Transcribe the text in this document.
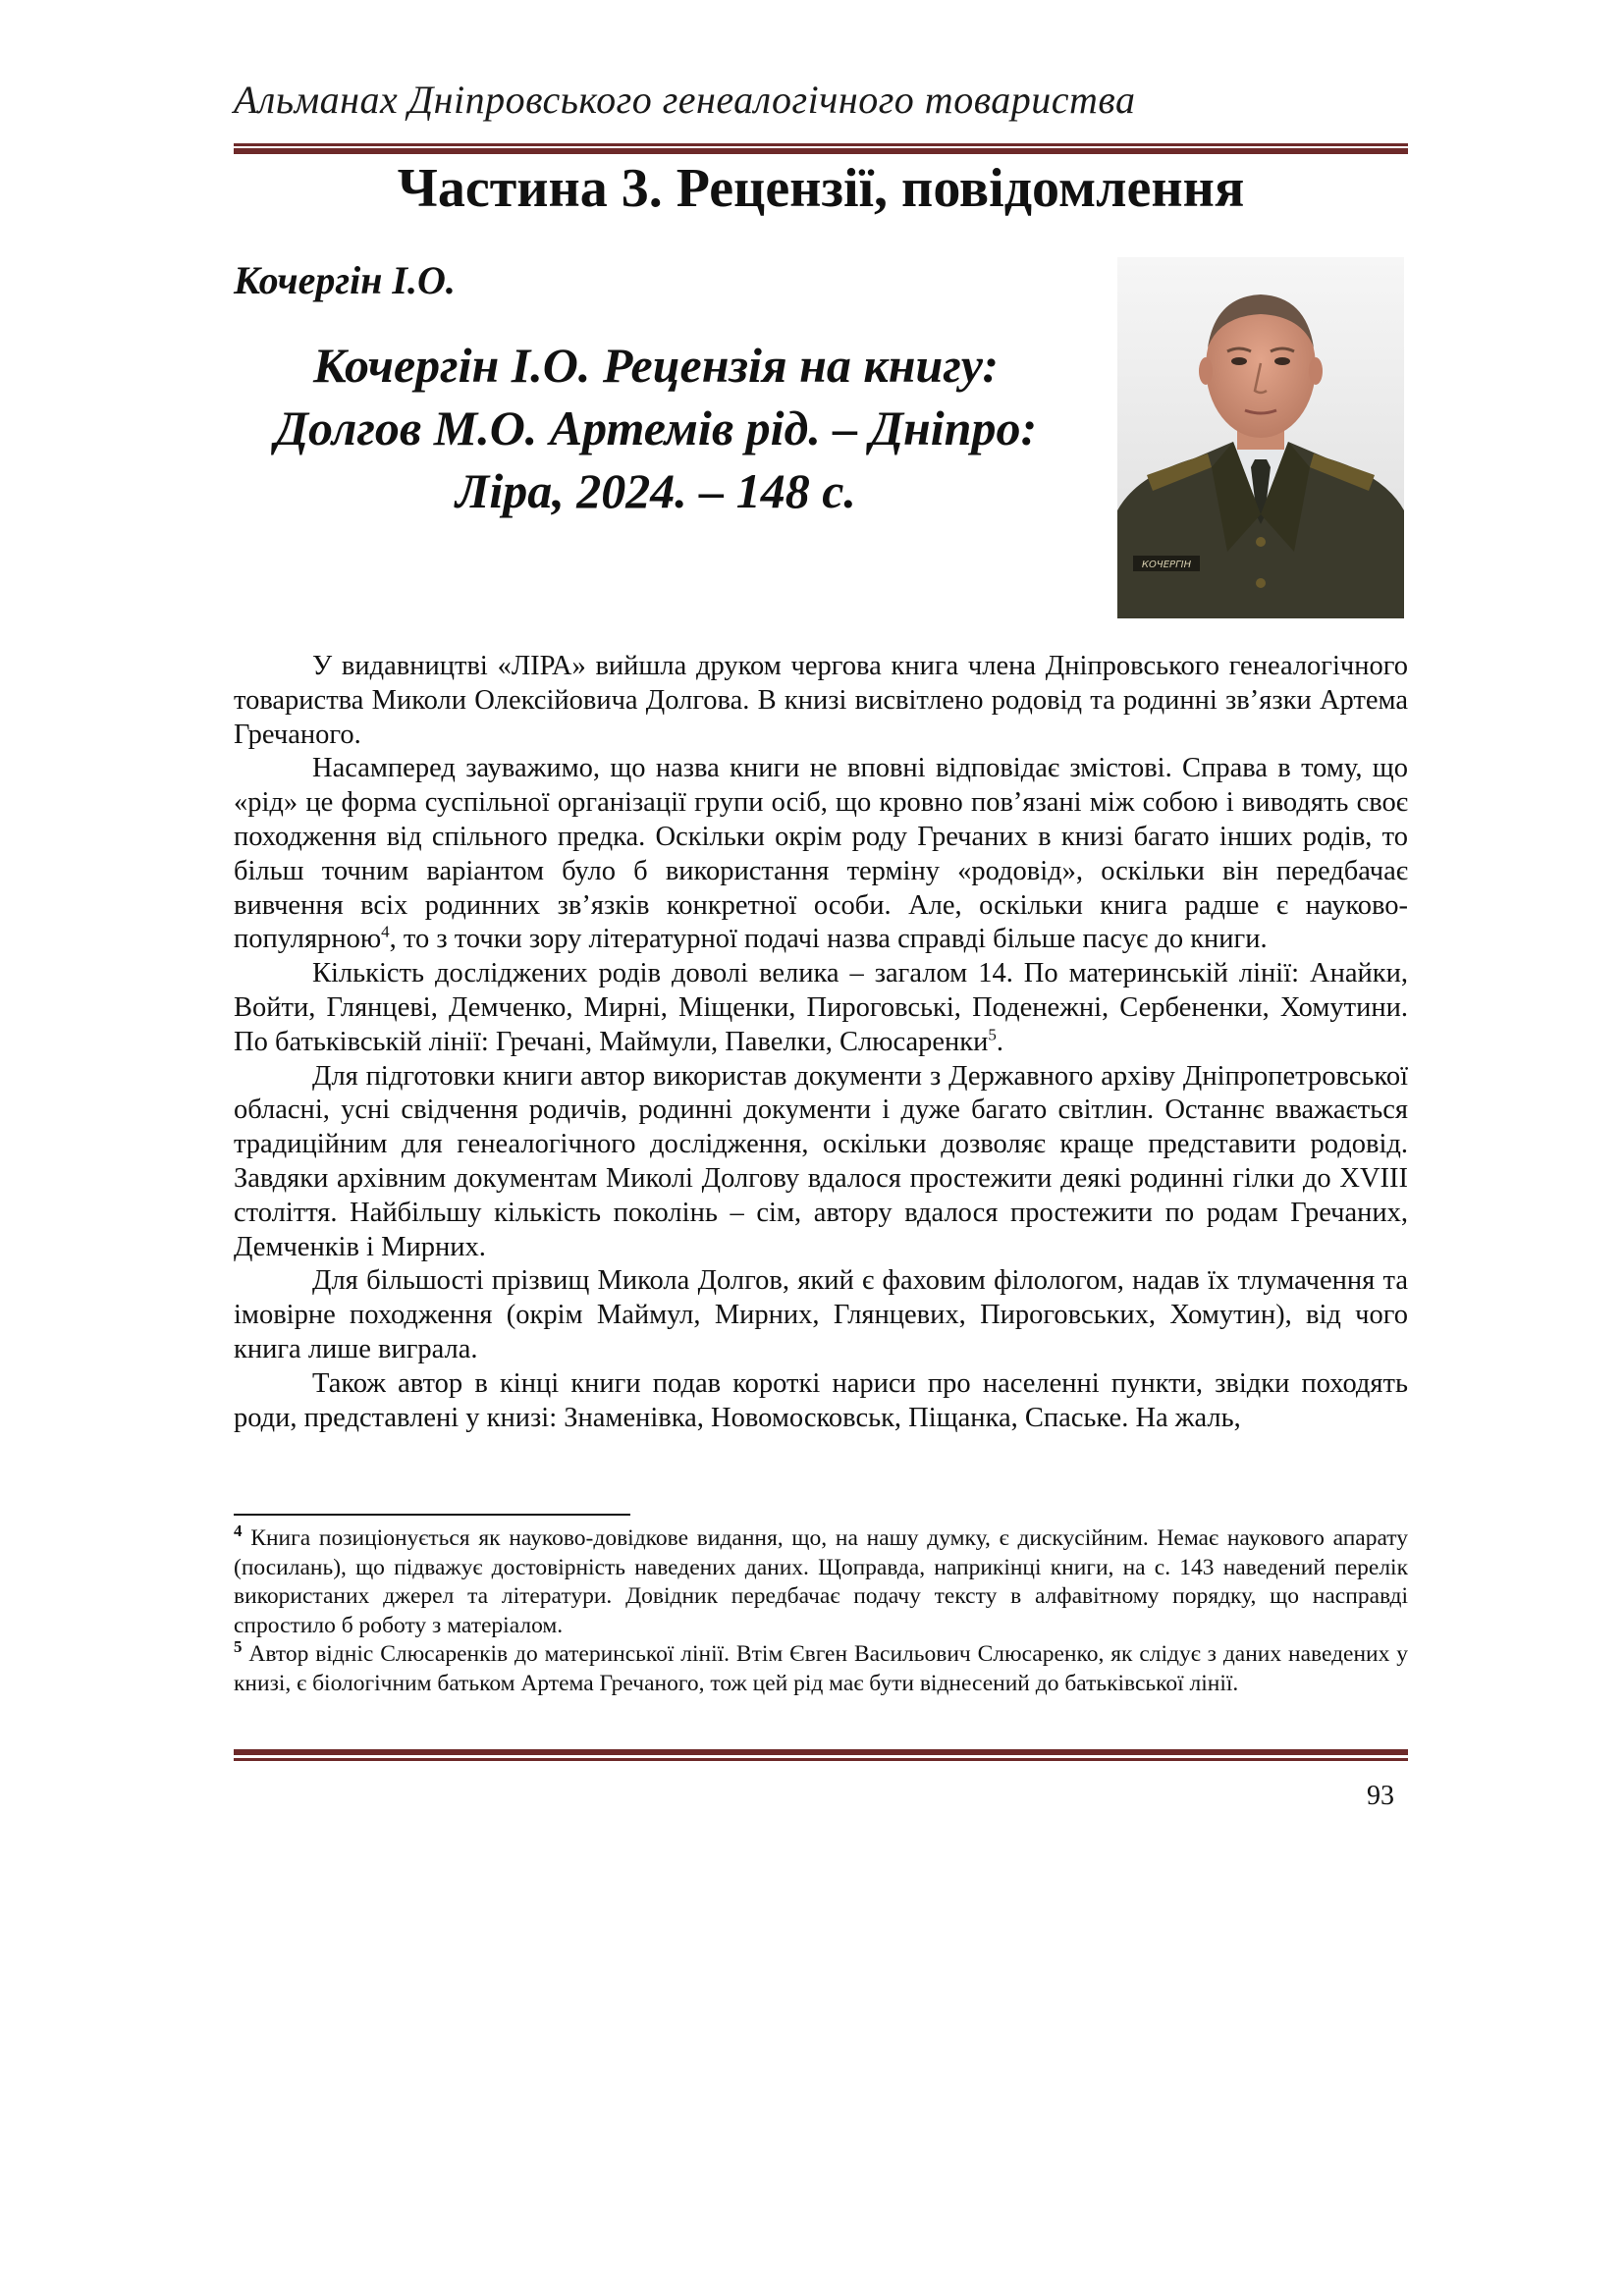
Альманах Дніпровського генеалогічного товариства
Частина 3. Рецензії, повідомлення
Кочергін І.О.
Кочергін І.О. Рецензія на книгу:
Долгов М.О. Артемів рід. – Дніпро:
Ліра, 2024. – 148 с.
КОЧЕРГІН

У видавництві «ЛІРА» вийшла друком чергова книга члена Дніпровського генеалогічного товариства Миколи Олексійовича Долгова. В книзі висвітлено родовід та родинні зв’язки Артема Гречаного.

Насамперед зауважимо, що назва книги не вповні відповідає змістові. Справа в тому, що «рід» це форма суспільної організації групи осіб, що кровно пов’язані між собою і виводять своє походження від спільного предка. Оскільки окрім роду Гречаних в книзі багато інших родів, то більш точним варіантом було б використання терміну «родовід», оскільки він передбачає вивчення всіх родинних зв’язків конкретної особи. Але, оскільки книга радше є науково-популярною$^4$, то з точки зору літературної подачі назва справді більше пасує до книги.

Кількість досліджених родів доволі велика – загалом 14. По материнській лінії: Анайки, Войти, Глянцеві, Демченко, Мирні, Міщенки, Пироговські, Поденежні, Сербененки, Хомутини. По батьківській лінії: Гречані, Маймули, Павелки, Слюсаренки$^5$.

Для підготовки книги автор використав документи з Державного архіву Дніпропетровської обласні, усні свідчення родичів, родинні документи і дуже багато світлин. Останнє вважається традиційним для генеалогічного дослідження, оскільки дозволяє краще представити родовід. Завдяки архівним документам Миколі Долгову вдалося простежити деякі родинні гілки до XVIII століття. Найбільшу кількість поколінь – сім, автору вдалося простежити по родам Гречаних, Демченків і Мирних.

Для більшості прізвищ Микола Долгов, який є фаховим філологом, надав їх тлумачення та імовірне походження (окрім Маймул, Мирних, Глянцевих, Пироговських, Хомутин), від чого книга лише виграла.

Також автор в кінці книги подав короткі нариси про населенні пункти, звідки походять роди, представлені у книзі: Знаменівка, Новомосковськ, Піщанка, Спаське. На жаль,

$^4$ Книга позиціонується як науково-довідкове видання, що, на нашу думку, є дискусійним. Немає наукового апарату (посилань), що підважує достовірність наведених даних. Щоправда, наприкінці книги, на с. 143 наведений перелік використаних джерел та літератури. Довідник передбачає подачу тексту в алфавітному порядку, що насправді спростило б роботу з матеріалом.

$^5$ Автор відніс Слюсаренків до материнської лінії. Втім Євген Васильович Слюсаренко, як слідує з даних наведених у книзі, є біологічним батьком Артема Гречаного, тож цей рід має бути віднесений до батьківської лінії.

93
